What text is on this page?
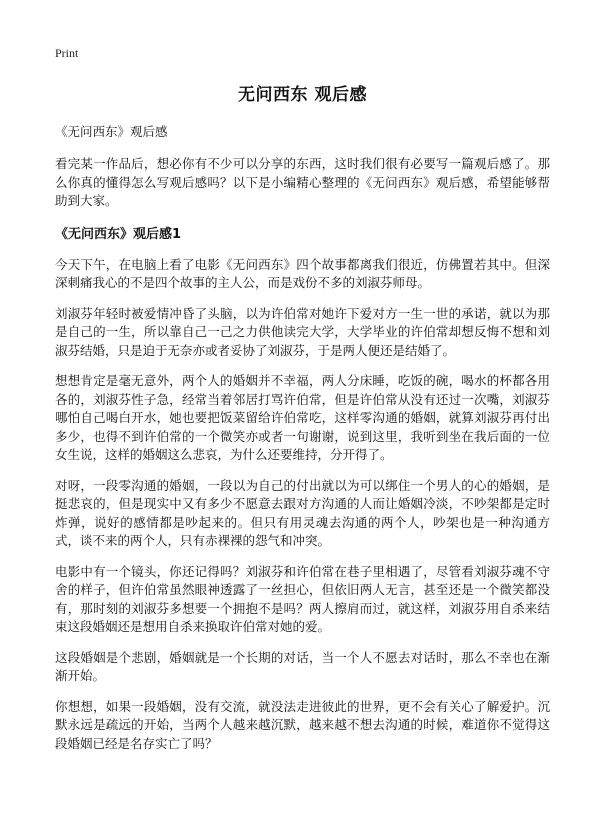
Print
无问西东 观后感
《无问西东》观后感

看完某一作品后，想必你有不少可以分享的东西，这时我们很有必要写一篇观后感了。那么你真的懂得怎么写观后感吗？以下是小编精心整理的《无问西东》观后感，希望能够帮助到大家。

《无问西东》观后感1

今天下午，在电脑上看了电影《无问西东》四个故事都离我们很近，仿佛置若其中。但深深刺痛我心的不是四个故事的主人公，而是戏份不多的刘淑芬师母。

刘淑芬年轻时被爱情冲昏了头脑，以为许伯常对她许下爱对方一生一世的承诺，就以为那是自己的一生，所以靠自己一己之力供他读完大学，大学毕业的许伯常却想反悔不想和刘淑芬结婚，只是迫于无奈亦或者妥协了刘淑芬，于是两人便还是结婚了。

想想肯定是毫无意外，两个人的婚姻并不幸福，两人分床睡，吃饭的碗，喝水的杯都各用各的，刘淑芬性子急，经常当着邻居打骂许伯常，但是许伯常从没有还过一次嘴，刘淑芬哪怕自己喝白开水，她也要把饭菜留给许伯常吃，这样零沟通的婚姻，就算刘淑芬再付出多少，也得不到许伯常的一个微笑亦或者一句谢谢，说到这里，我听到坐在我后面的一位女生说，这样的婚姻这么悲哀，为什么还要维持，分开得了。

对呀，一段零沟通的婚姻，一段以为自己的付出就以为可以绑住一个男人的心的婚姻，是挺悲哀的，但是现实中又有多少不愿意去跟对方沟通的人而让婚姻冷淡，不吵架都是定时炸弹，说好的感情都是吵起来的。但只有用灵魂去沟通的两个人，吵架也是一种沟通方式，谈不来的两个人，只有赤裸裸的怨气和冲突。

电影中有一个镜头，你还记得吗？刘淑芬和许伯常在巷子里相遇了，尽管看刘淑芬魂不守舍的样子，但许伯常虽然眼神透露了一丝担心，但依旧两人无言，甚至还是一个微笑都没有，那时刻的刘淑芬多想要一个拥抱不是吗？两人擦肩而过，就这样，刘淑芬用自杀来结束这段婚姻还是想用自杀来换取许伯常对她的爱。

这段婚姻是个悲剧，婚姻就是一个长期的对话，当一个人不愿去对话时，那么不幸也在渐渐开始。

你想想，如果一段婚姻，没有交流，就没法走进彼此的世界，更不会有关心了解爱护。沉默永远是疏远的开始，当两个人越来越沉默，越来越不想去沟通的时候，难道你不觉得这段婚姻已经是名存实亡了吗？
